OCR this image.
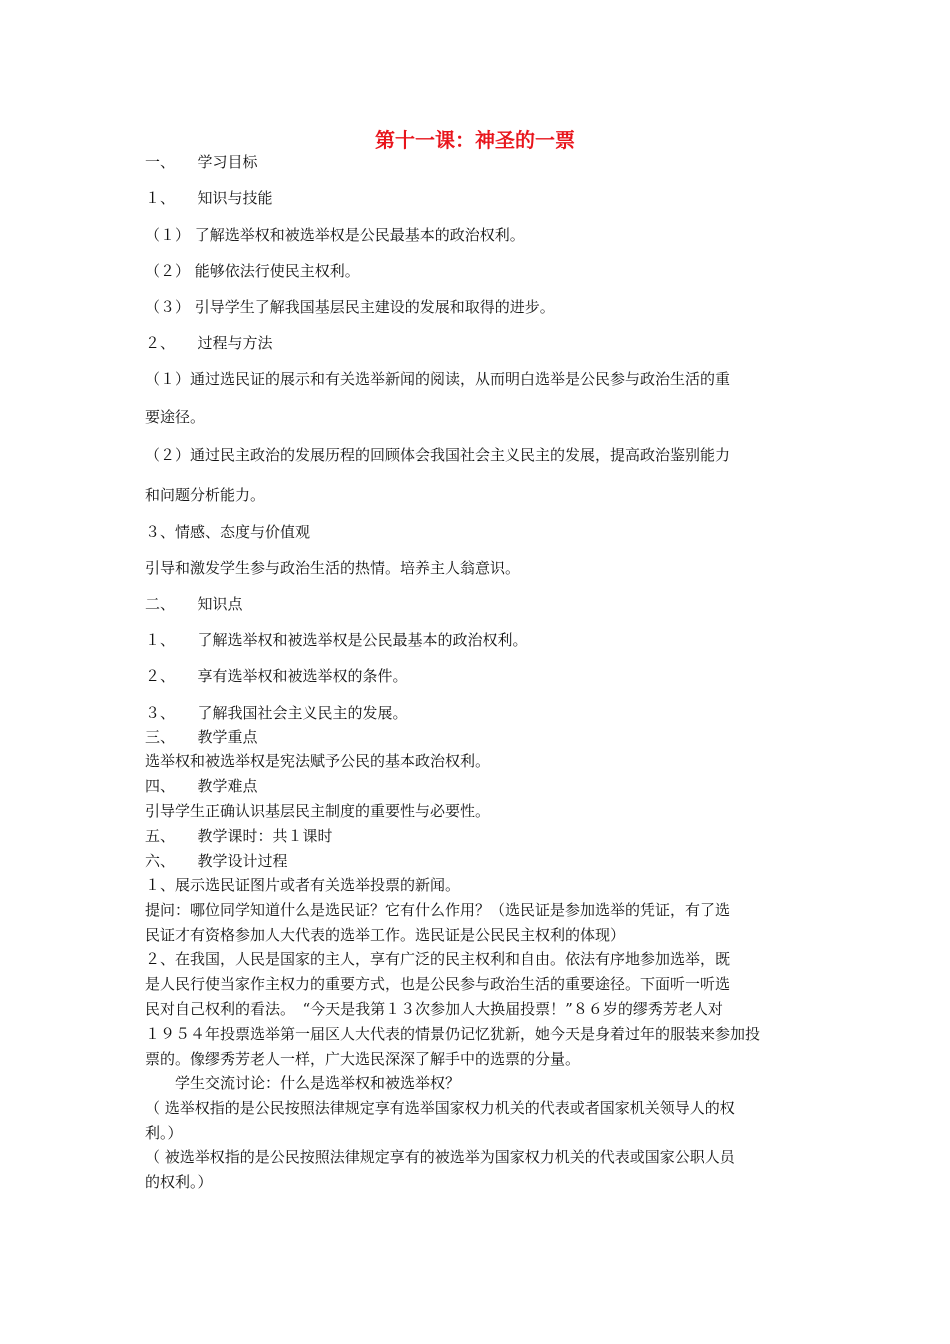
第十一课：神圣的一票
一、　　学习目标
１、　　知识与技能
（１） 了解选举权和被选举权是公民最基本的政治权利。
（２） 能够依法行使民主权利。
（３） 引导学生了解我国基层民主建设的发展和取得的进步。
２、　　过程与方法
（１）通过选民证的展示和有关选举新闻的阅读，从而明白选举是公民参与政治生活的重
要途径。
（２）通过民主政治的发展历程的回顾体会我国社会主义民主的发展，提高政治鉴别能力
和问题分析能力。
３、情感、态度与价值观
引导和激发学生参与政治生活的热情。培养主人翁意识。
二、　　知识点
１、　　了解选举权和被选举权是公民最基本的政治权利。
２、　　享有选举权和被选举权的条件。
３、　　了解我国社会主义民主的发展。
三、　　教学重点
选举权和被选举权是宪法赋予公民的基本政治权利。
四、　　教学难点
引导学生正确认识基层民主制度的重要性与必要性。
五、　　教学课时：共１课时
六、　　教学设计过程
１、展示选民证图片或者有关选举投票的新闻。
提问：哪位同学知道什么是选民证？它有什么作用？（选民证是参加选举的凭证，有了选
民证才有资格参加人大代表的选举工作。选民证是公民民主权利的体现）
２、在我国，人民是国家的主人，享有广泛的民主权利和自由。依法有序地参加选举，既
是人民行使当家作主权力的重要方式，也是公民参与政治生活的重要途径。下面听一听选
民对自己权利的看法。　“今天是我第１３次参加人大换届投票！”８６岁的缪秀芳老人对
１９５４年投票选举第一届区人大代表的情景仍记忆犹新，她今天是身着过年的服装来参加投
票的。像缪秀芳老人一样，广大选民深深了解手中的选票的分量。
　　学生交流讨论：什么是选举权和被选举权？
（ 选举权指的是公民按照法律规定享有选举国家权力机关的代表或者国家机关领导人的权
利。）
（ 被选举权指的是公民按照法律规定享有的被选举为国家权力机关的代表或国家公职人员
的权利。）
